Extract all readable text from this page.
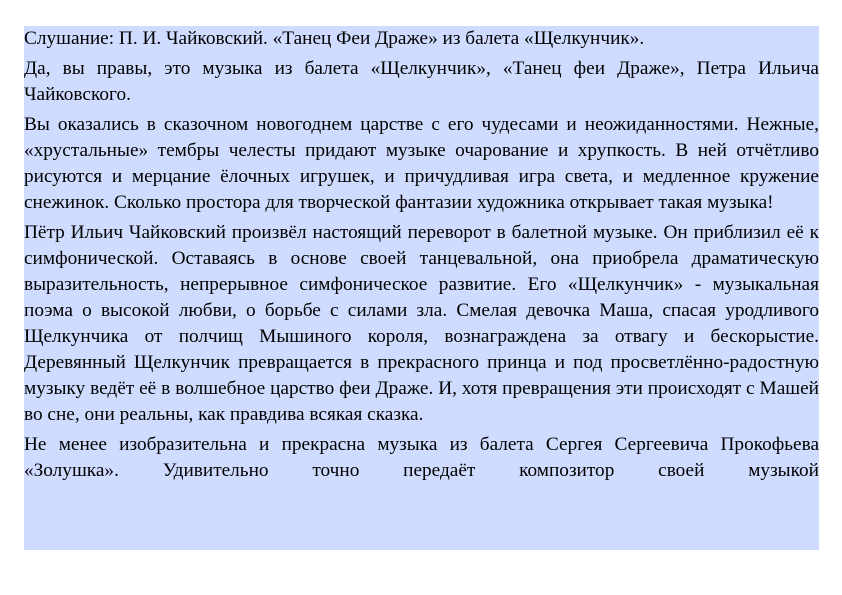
Слушание: П. И. Чайковский. «Танец Феи Драже» из балета «Щелкунчик».

Да, вы правы, это музыка из балета «Щелкунчик», «Танец феи Драже», Петра Ильича Чайковского.

Вы оказались в сказочном новогоднем царстве с его чудесами и неожиданностями. Нежные, «хрустальные» тембры челесты придают музыке очарование и хрупкость. В ней отчётливо рисуются и мерцание ёлочных игрушек, и причудливая игра света, и медленное кружение снежинок. Сколько простора для творческой фантазии художника открывает такая музыка!

Пётр Ильич Чайковский произвёл настоящий переворот в балетной музыке. Он приблизил её к симфонической. Оставаясь в основе своей танцевальной, она приобрела драматическую выразительность, непрерывное симфоническое развитие. Его «Щелкунчик» - музыкальная поэма о высокой любви, о борьбе с силами зла. Смелая девочка Маша, спасая уродливого Щелкунчика от полчищ Мышиного короля, вознаграждена за отвагу и бескорыстие. Деревянный Щелкунчик превращается в прекрасного принца и под просветлённо-радостную музыку ведёт её в волшебное царство феи Драже. И, хотя превращения эти происходят с Машей во сне, они реальны, как правдива всякая сказка.

Не менее изобразительна и прекрасна музыка из балета Сергея Сергеевича Прокофьева «Золушка». Удивительно точно передаёт композитор своей музыкой
